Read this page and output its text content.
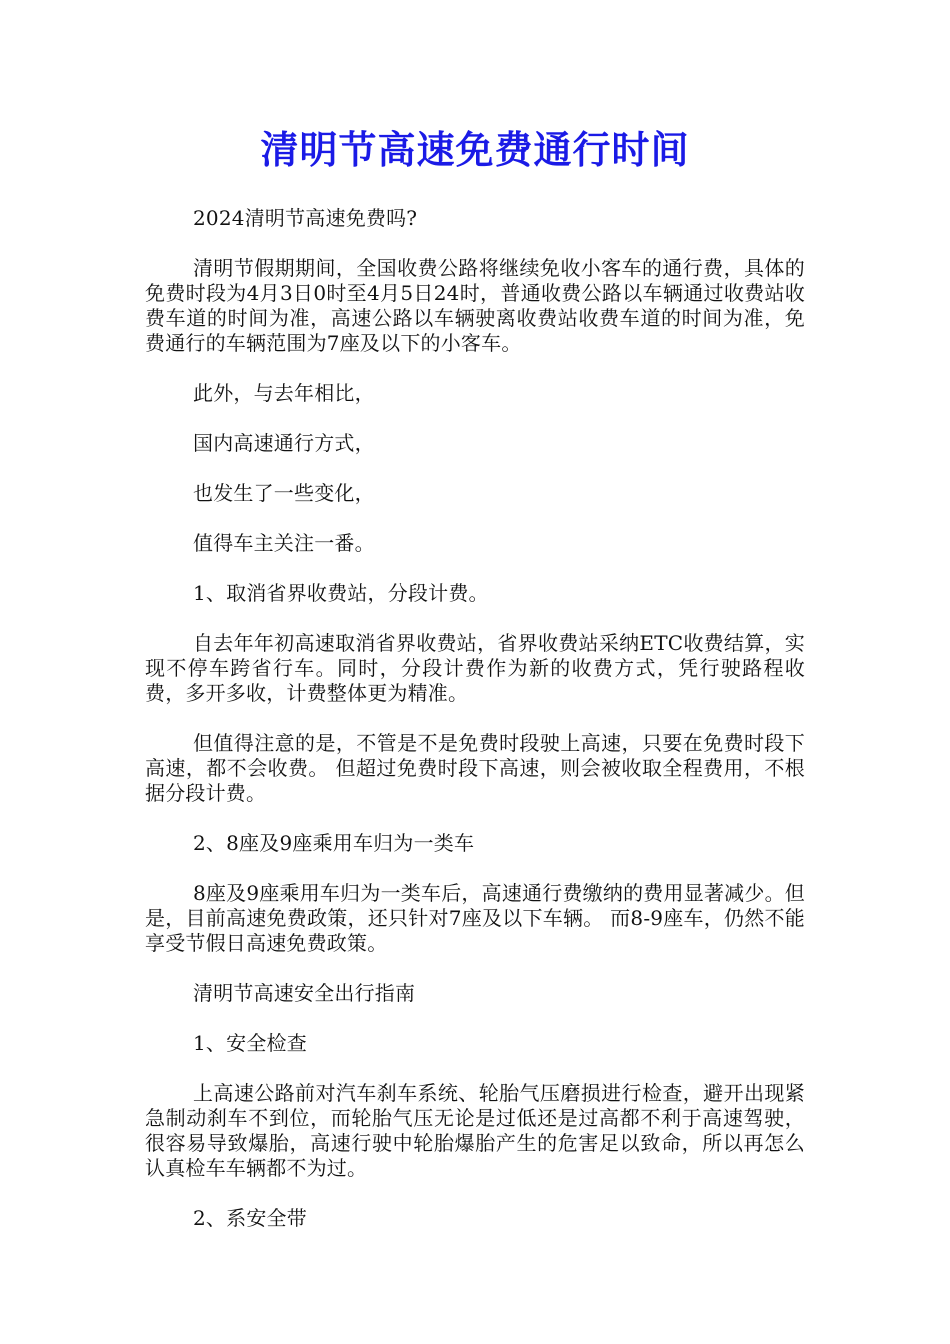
清明节高速免费通行时间

2024清明节高速免费吗?

清明节假期期间，全国收费公路将继续免收小客车的通行费，具体的免费时段为4月3日0时至4月5日24时，普通收费公路以车辆通过收费站收费车道的时间为准，高速公路以车辆驶离收费站收费车道的时间为准，免费通行的车辆范围为7座及以下的小客车。

此外，与去年相比，

国内高速通行方式，

也发生了一些变化，

值得车主关注一番。

1、取消省界收费站，分段计费。

自去年年初高速取消省界收费站，省界收费站采纳ETC收费结算，实现不停车跨省行车。同时，分段计费作为新的收费方式，凭行驶路程收费，多开多收，计费整体更为精准。

但值得注意的是，不管是不是免费时段驶上高速，只要在免费时段下高速，都不会收费。 但超过免费时段下高速，则会被收取全程费用，不根据分段计费。

2、8座及9座乘用车归为一类车

8座及9座乘用车归为一类车后，高速通行费缴纳的费用显著减少。但是，目前高速免费政策，还只针对7座及以下车辆。 而8-9座车，仍然不能享受节假日高速免费政策。

清明节高速安全出行指南

1、安全检查

上高速公路前对汽车刹车系统、轮胎气压磨损进行检查，避开出现紧急制动刹车不到位，而轮胎气压无论是过低还是过高都不利于高速驾驶，很容易导致爆胎，高速行驶中轮胎爆胎产生的危害足以致命，所以再怎么认真检车车辆都不为过。

2、系安全带
